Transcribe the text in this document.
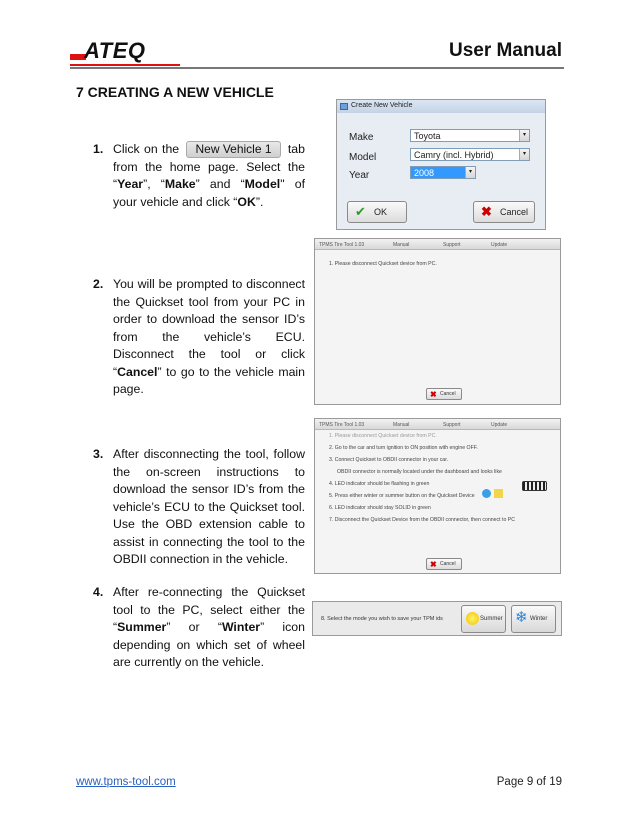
ATEQ	User Manual
7 CREATING A NEW VEHICLE
1. Click on the New Vehicle 1 tab from the home page. Select the “Year”, “Make” and “Model" of your vehicle and click “OK”.
2. You will be prompted to disconnect the Quickset tool from your PC in order to download the sensor ID’s from the vehicle’s ECU. Disconnect the tool or click “Cancel” to go to the vehicle main page.
3. After disconnecting the tool, follow the on-screen instructions to download the sensor ID’s from the vehicle’s ECU to the Quickset tool. Use the OBD extension cable to assist in connecting the tool to the OBDII connection in the vehicle.
4. After re-connecting the Quickset tool to the PC, select either the “Summer” or “Winter” icon depending on which set of wheel are currently on the vehicle.
Create New Vehicle
Make	Toyota	▾
Model	Camry (incl. Hybrid)	▾
Year	2008	▾
✔ OK	✖ Cancel
TPMS Tire Tool 1.03	Manual	Support	Update
1. Please disconnect Quickset device from PC.
✖ Cancel
TPMS Tire Tool 1.03	Manual	Support	Update
1. Please disconnect Quickset device from PC.
2. Go to the car and turn ignition to ON position with engine OFF.
3. Connect Quickset to OBDII connector in your car.
OBDII connector is normally located under the dashboard and looks like
4. LED indicator should be flashing in green
5. Press either winter or summer button on the Quickset Device
6. LED indicator should stay SOLID in green
7. Disconnect the Quickset Device from the OBDII connector, then connect to PC
✖ Cancel
8. Select the mode you wish to save your TPM ids	Summer ❄ Winter
www.tpms-tool.com	Page 9 of 19
